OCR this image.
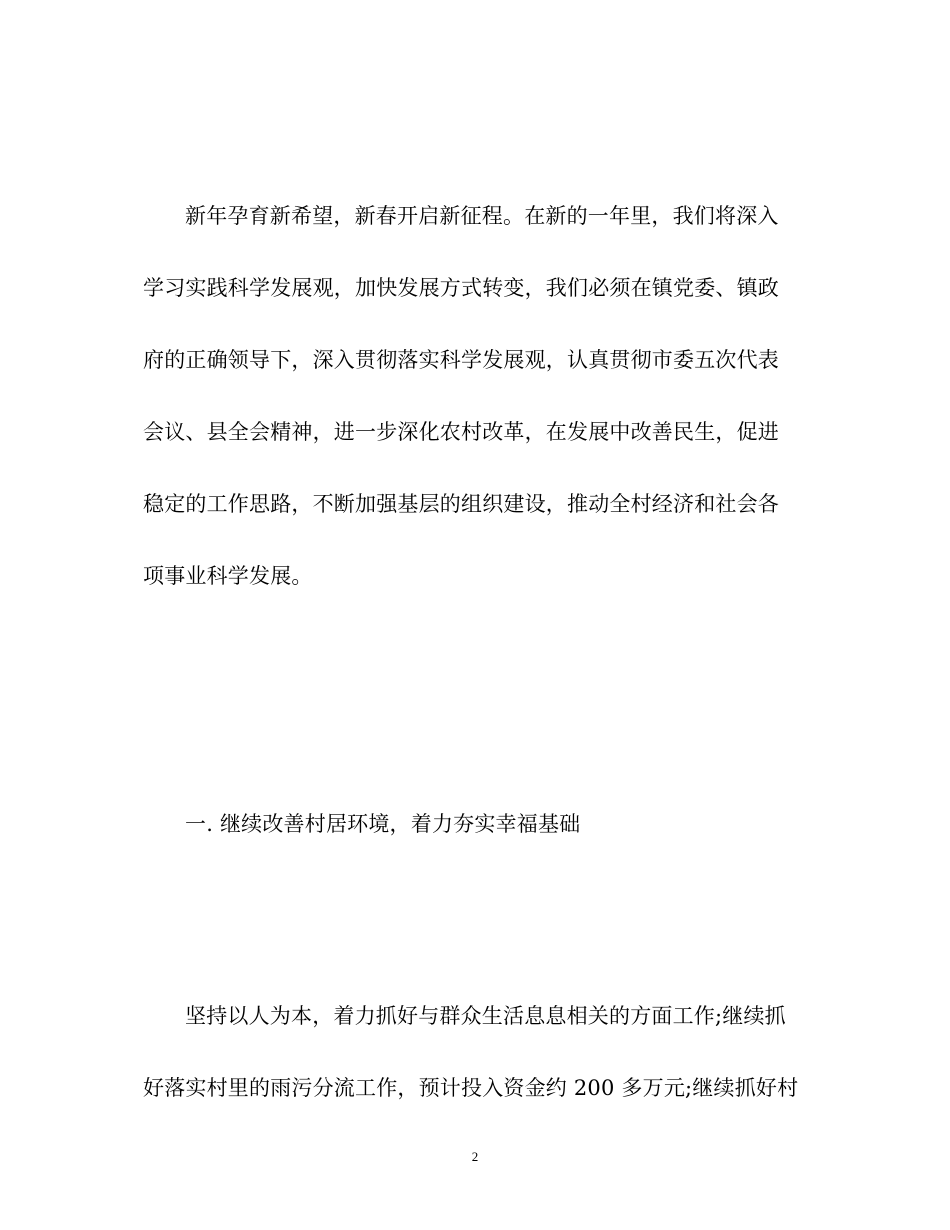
新年孕育新希望，新春开启新征程。在新的一年里，我们将深入
学习实践科学发展观，加快发展方式转变，我们必须在镇党委、镇政
府的正确领导下，深入贯彻落实科学发展观，认真贯彻市委五次代表
会议、县全会精神，进一步深化农村改革，在发展中改善民生，促进
稳定的工作思路，不断加强基层的组织建设，推动全村经济和社会各
项事业科学发展。
一. 继续改善村居环境，着力夯实幸福基础
坚持以人为本，着力抓好与群众生活息息相关的方面工作;继续抓
好落实村里的雨污分流工作，预计投入资金约 200 多万元;继续抓好村
2
